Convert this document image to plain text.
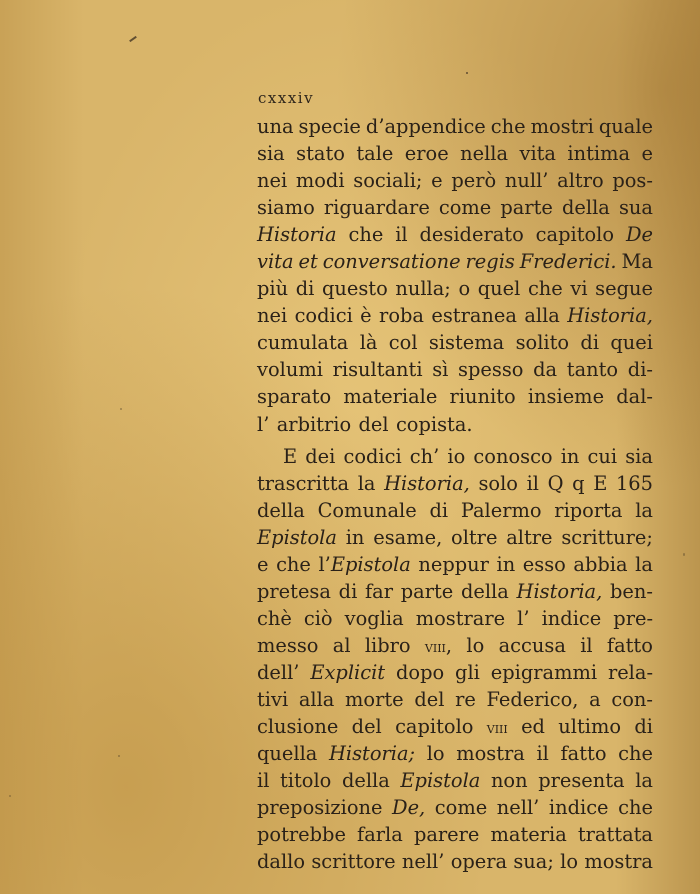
cxxxiv
una specie d’appendice che mostri quale
sia stato tale eroe nella vita intima e
nei modi sociali; e però null’ altro pos-
siamo riguardare come parte della sua
Historia che il desiderato capitolo De
vita et conversatione regis Frederici. Ma
più di questo nulla; o quel che vi segue
nei codici è roba estranea alla Historia,
cumulata là col sistema solito di quei
volumi risultanti sì spesso da tanto di-
sparato materiale riunito insieme dal-
l’ arbitrio del copista.
E dei codici ch’ io conosco in cui sia
trascritta la Historia, solo il Q q E 165
della Comunale di Palermo riporta la
Epistola in esame, oltre altre scritture;
e che l’Epistola neppur in esso abbia la
pretesa di far parte della Historia, ben-
chè ciò voglia mostrare l’ indice pre-
messo al libro viii, lo accusa il fatto
dell’ Explicit dopo gli epigrammi rela-
tivi alla morte del re Federico, a con-
clusione del capitolo viii ed ultimo di
quella Historia; lo mostra il fatto che
il titolo della Epistola non presenta la
preposizione De, come nell’ indice che
potrebbe farla parere materia trattata
dallo scrittore nell’ opera sua; lo mostra
